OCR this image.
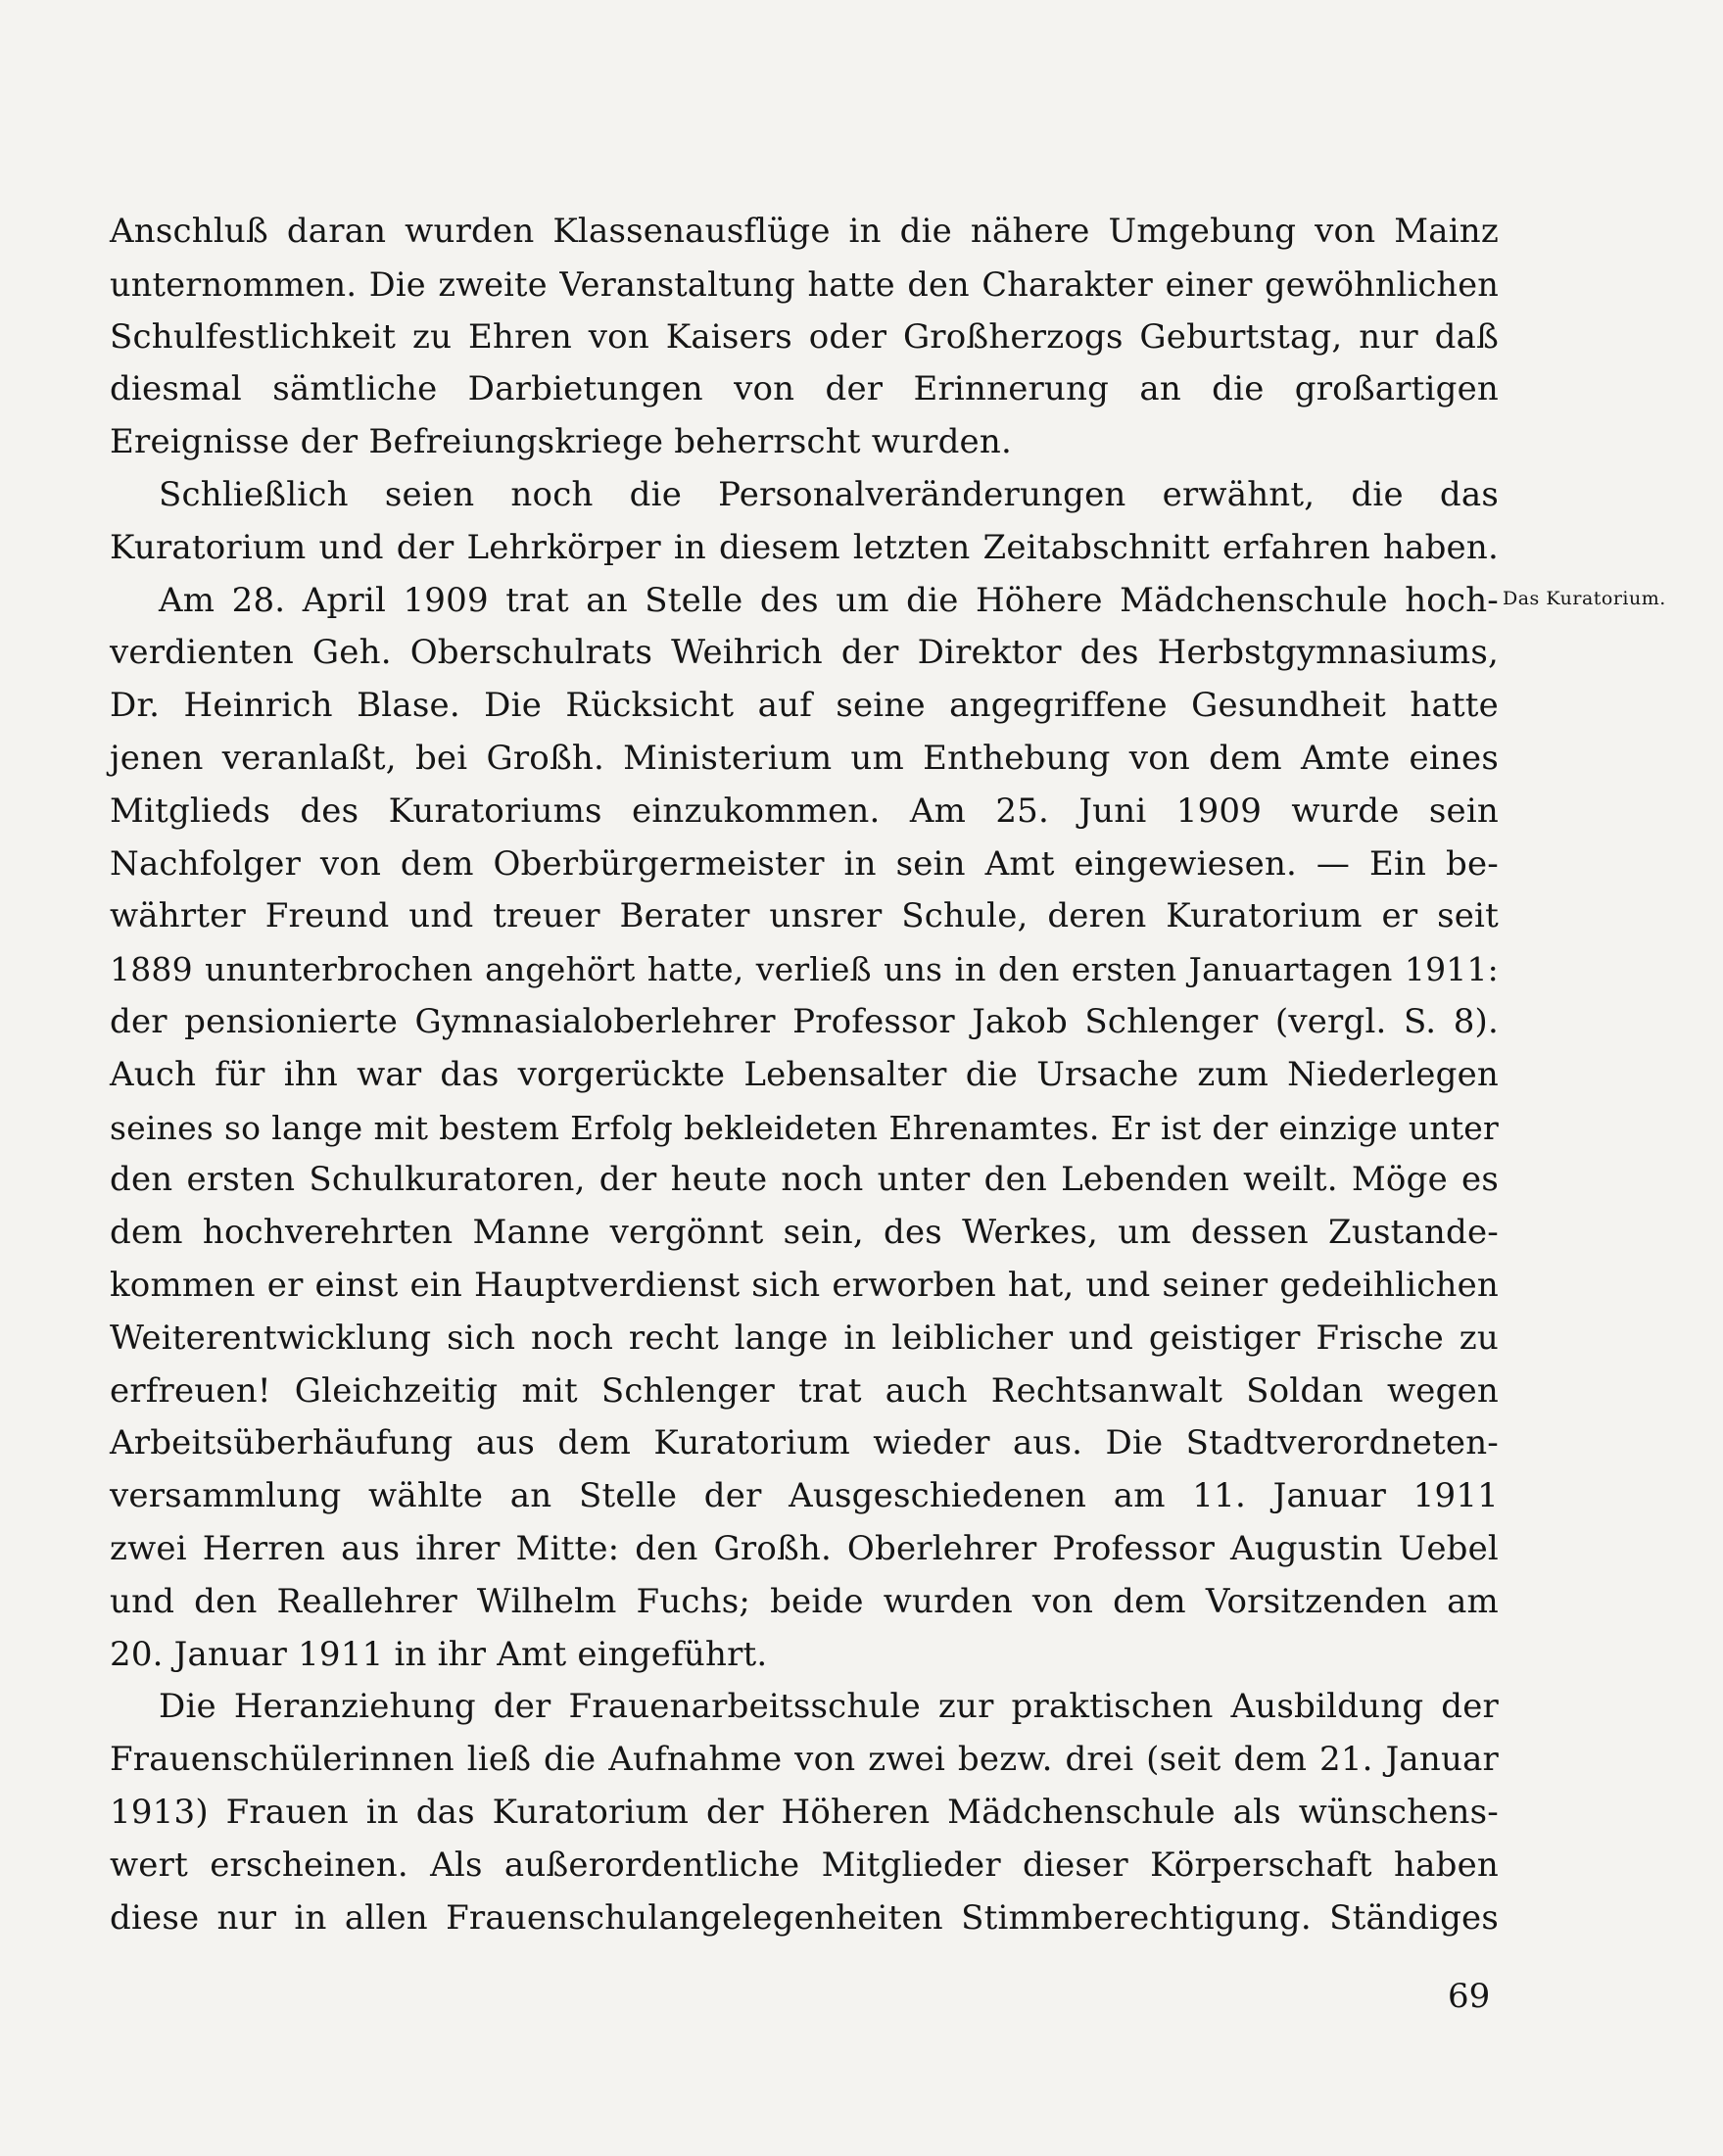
Anschluß daran wurden Klassenausflüge in die nähere Umgebung von Mainz
unternommen. Die zweite Veranstaltung hatte den Charakter einer gewöhnlichen
Schulfestlichkeit zu Ehren von Kaisers oder Großherzogs Geburtstag, nur daß
diesmal sämtliche Darbietungen von der Erinnerung an die großartigen
Ereignisse der Befreiungskriege beherrscht wurden.
Schließlich seien noch die Personalveränderungen erwähnt, die das
Kuratorium und der Lehrkörper in diesem letzten Zeitabschnitt erfahren haben.
Am 28. April 1909 trat an Stelle des um die Höhere Mädchenschule hoch-
verdienten Geh. Oberschulrats Weihrich der Direktor des Herbstgymnasiums,
Dr. Heinrich Blase. Die Rücksicht auf seine angegriffene Gesundheit hatte
jenen veranlaßt, bei Großh. Ministerium um Enthebung von dem Amte eines
Mitglieds des Kuratoriums einzukommen. Am 25. Juni 1909 wurde sein
Nachfolger von dem Oberbürgermeister in sein Amt eingewiesen. — Ein be-
währter Freund und treuer Berater unsrer Schule, deren Kuratorium er seit
1889 ununterbrochen angehört hatte, verließ uns in den ersten Januartagen 1911:
der pensionierte Gymnasialoberlehrer Professor Jakob Schlenger (vergl. S. 8).
Auch für ihn war das vorgerückte Lebensalter die Ursache zum Niederlegen
seines so lange mit bestem Erfolg bekleideten Ehrenamtes. Er ist der einzige unter
den ersten Schulkuratoren, der heute noch unter den Lebenden weilt. Möge es
dem hochverehrten Manne vergönnt sein, des Werkes, um dessen Zustande-
kommen er einst ein Hauptverdienst sich erworben hat, und seiner gedeihlichen
Weiterentwicklung sich noch recht lange in leiblicher und geistiger Frische zu
erfreuen! Gleichzeitig mit Schlenger trat auch Rechtsanwalt Soldan wegen
Arbeitsüberhäufung aus dem Kuratorium wieder aus. Die Stadtverordneten-
versammlung wählte an Stelle der Ausgeschiedenen am 11. Januar 1911
zwei Herren aus ihrer Mitte: den Großh. Oberlehrer Professor Augustin Uebel
und den Reallehrer Wilhelm Fuchs; beide wurden von dem Vorsitzenden am
20. Januar 1911 in ihr Amt eingeführt.
Die Heranziehung der Frauenarbeitsschule zur praktischen Ausbildung der
Frauenschülerinnen ließ die Aufnahme von zwei bezw. drei (seit dem 21. Januar
1913) Frauen in das Kuratorium der Höheren Mädchenschule als wünschens-
wert erscheinen. Als außerordentliche Mitglieder dieser Körperschaft haben
diese nur in allen Frauenschulangelegenheiten Stimmberechtigung. Ständiges
Das Kuratorium.
69
